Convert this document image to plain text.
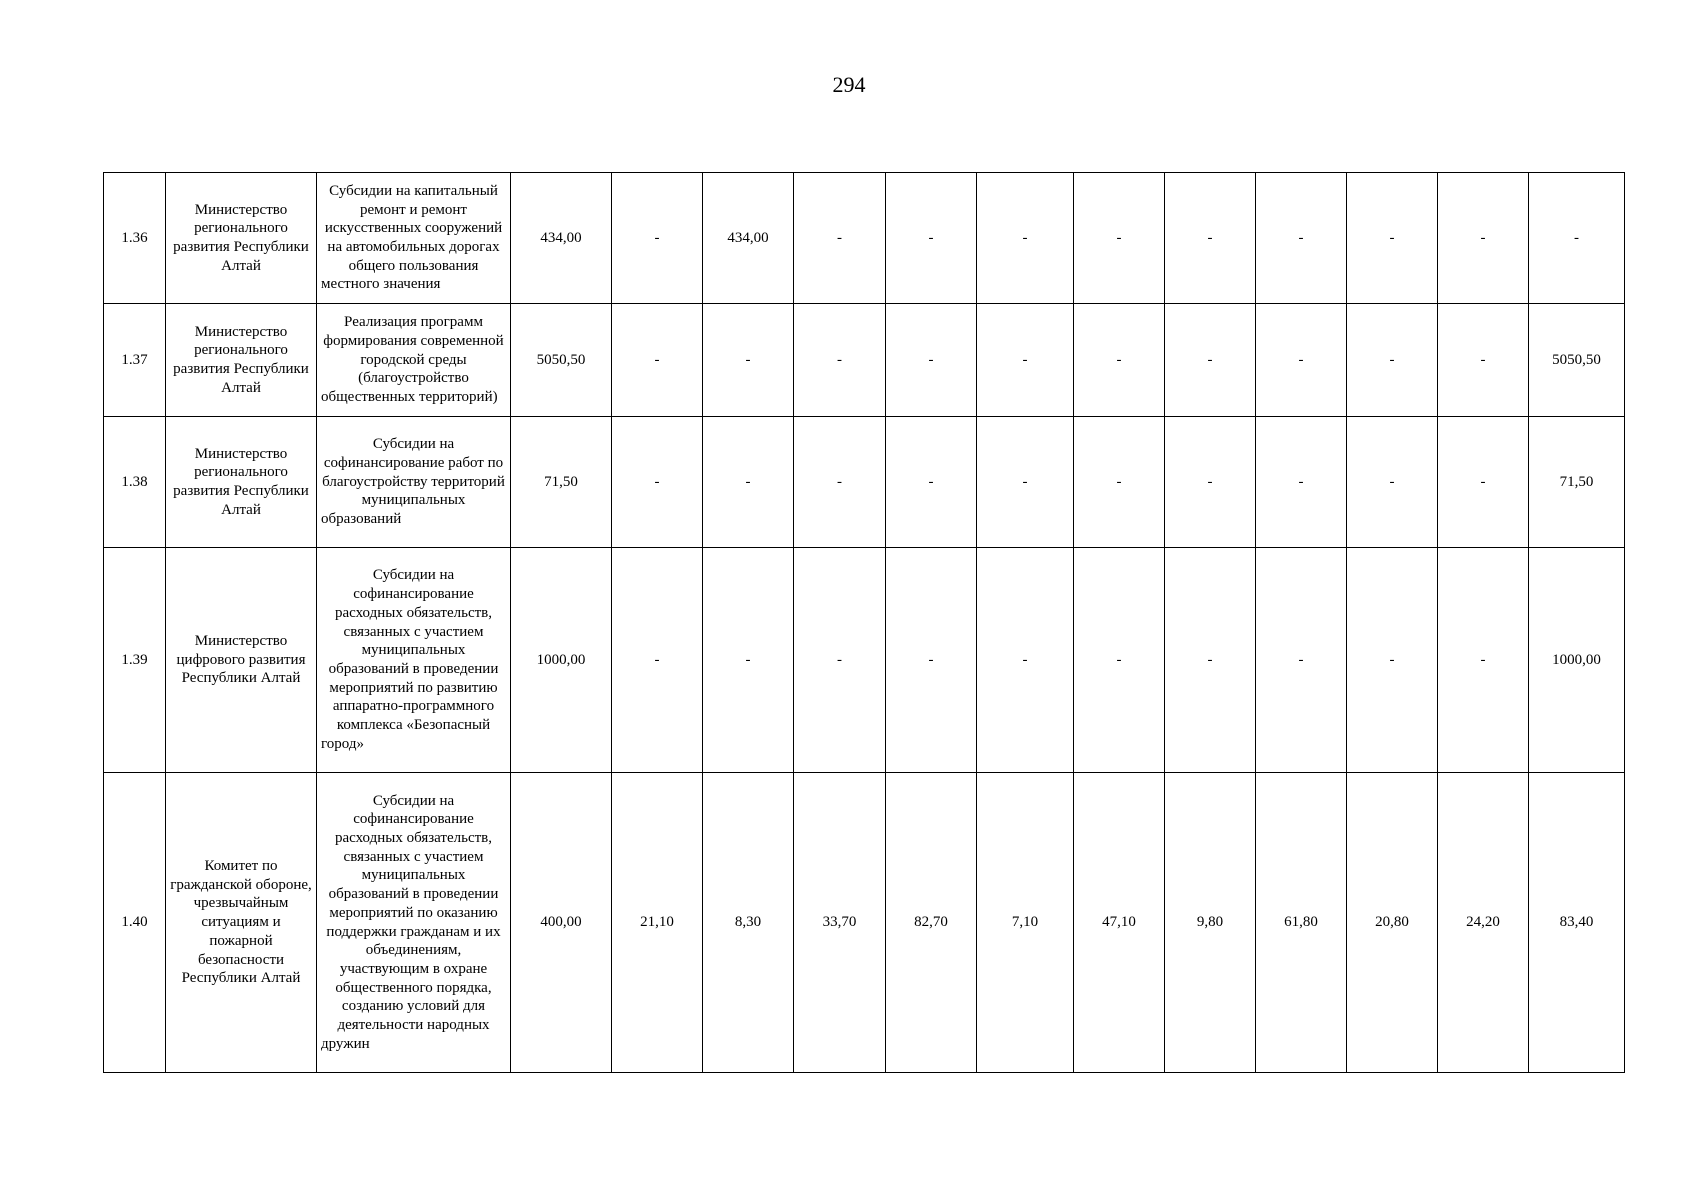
294
1.36	Министерство регионального развития Республики Алтай	Субсидии на капитальный ремонт и ремонт искусственных сооружений на автомобильных дорогах общего пользования местного значения	434,00	-	434,00	-	-	-	-	-	-	-	-	-
1.37	Министерство регионального развития Республики Алтай	Реализация программ формирования современной городской среды (благоустройство общественных территорий)	5050,50	-	-	-	-	-	-	-	-	-	-	5050,50
1.38	Министерство регионального развития Республики Алтай	Субсидии на софинансирование работ по благоустройству территорий муниципальных образований	71,50	-	-	-	-	-	-	-	-	-	-	71,50
1.39	Министерство цифрового развития Республики Алтай	Субсидии на софинансирование расходных обязательств, связанных с участием муниципальных образований в проведении мероприятий по развитию аппаратно-программного комплекса «Безопасный город»	1000,00	-	-	-	-	-	-	-	-	-	-	1000,00
1.40	Комитет по гражданской обороне, чрезвычайным ситуациям и пожарной безопасности Республики Алтай	Субсидии на софинансирование расходных обязательств, связанных с участием муниципальных образований в проведении мероприятий по оказанию поддержки гражданам и их объединениям, участвующим в охране общественного порядка, созданию условий для деятельности народных дружин	400,00	21,10	8,30	33,70	82,70	7,10	47,10	9,80	61,80	20,80	24,20	83,40
